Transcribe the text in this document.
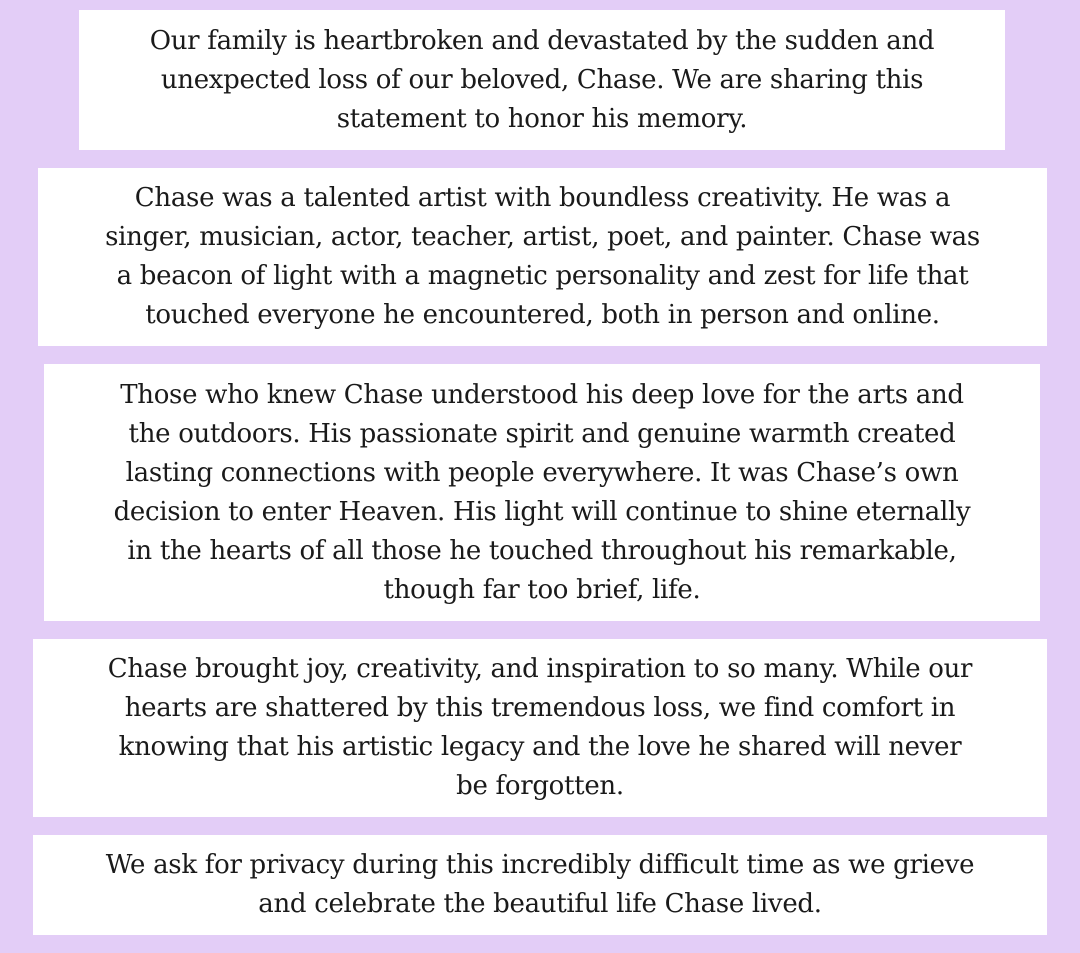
Our family is heartbroken and devastated by the sudden and
unexpected loss of our beloved, Chase. We are sharing this
statement to honor his memory.

Chase was a talented artist with boundless creativity. He was a
singer, musician, actor, teacher, artist, poet, and painter. Chase was
a beacon of light with a magnetic personality and zest for life that
touched everyone he encountered, both in person and online.

Those who knew Chase understood his deep love for the arts and
the outdoors. His passionate spirit and genuine warmth created
lasting connections with people everywhere. It was Chase’s own
decision to enter Heaven. His light will continue to shine eternally
in the hearts of all those he touched throughout his remarkable,
though far too brief, life.

Chase brought joy, creativity, and inspiration to so many. While our
hearts are shattered by this tremendous loss, we find comfort in
knowing that his artistic legacy and the love he shared will never
be forgotten.

We ask for privacy during this incredibly difficult time as we grieve
and celebrate the beautiful life Chase lived.
